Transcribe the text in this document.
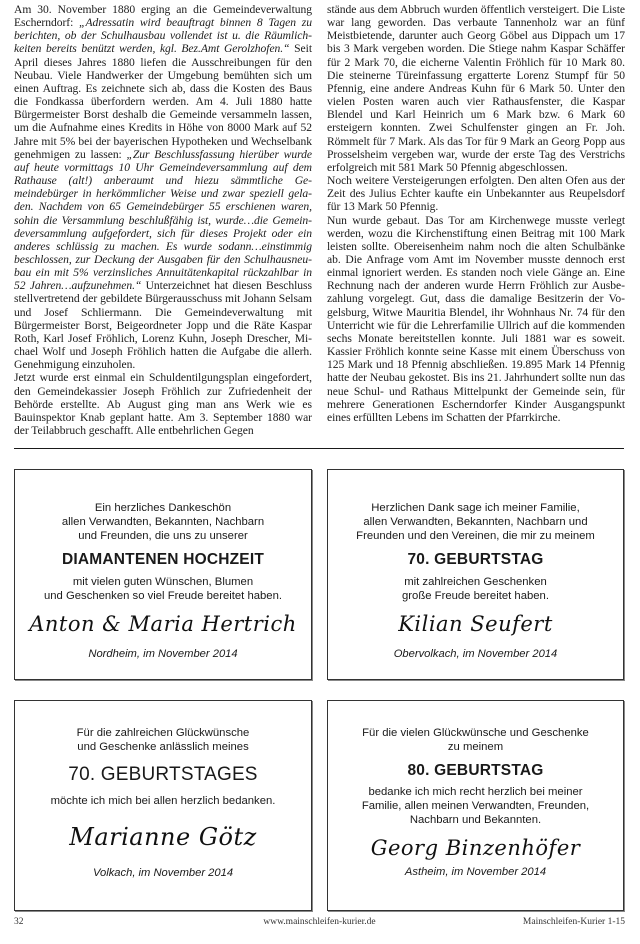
Am 30. November 1880 erging an die Gemeindeverwaltung Escherndorf: „Adressatin wird beauftragt binnen 8 Tagen zu berichten, ob der Schulhausbau vollendet ist u. die Räumlichkeiten bereits benützt werden, kgl. Bez.Amt Gerolzhofen.“ Seit April dieses Jahres 1880 liefen die Ausschreibungen für den Neubau. Viele Handwerker der Umgebung bemühten sich um einen Auftrag. Es zeichnete sich ab, dass die Kosten des Baus die Fondkassa überfordern werden. Am 4. Juli 1880 hatte Bürgermeister Borst deshalb die Gemeinde versammeln lassen, um die Aufnahme eines Kredits in Höhe von 8000 Mark auf 52 Jahre mit 5% bei der bayerischen Hypotheken und Wechselbank genehmigen zu lassen: „Zur Beschlussfassung hierüber wurde auf heute vormittags 10 Uhr Gemeindeversammlung auf dem Rathause (alt!) anberaumt und hiezu sämmtliche Gemeindebürger in herkömmlicher Weise und zwar speziell geladen. Nachdem von 65 Gemeindebürger 55 erschienen waren, sohin die Versammlung beschlußfähig ist, wurde…die Gemeindeversammlung aufgefordert, sich für dieses Projekt oder ein anderes schlüssig zu machen. Es wurde sodann…einstimmig beschlossen, zur Deckung der Ausgaben für den Schulhausneubau ein mit 5% verzinsliches Annuitätenkapital rückzahlbar in 52 Jahren…aufzunehmen.“ Unterzeichnet hat diesen Beschluss stellvertretend der gebildete Bürgerausschuss mit Johann Selsam und Josef Schliermann. Die Gemeindeverwaltung mit Bürgermeister Borst, Beigeordneter Jopp und die Räte Kaspar Roth, Karl Josef Fröhlich, Lorenz Kuhn, Joseph Drescher, Michael Wolf und Joseph Fröhlich hatten die Aufgabe die allerh. Genehmigung einzuholen.

Jetzt wurde erst einmal ein Schuldentilgungsplan eingefordert, den Gemeindekassier Joseph Fröhlich zur Zufriedenheit der Behörde erstellte. Ab August ging man ans Werk wie es Bauinspektor Knab geplant hatte. Am 3. September 1880 war der Teilabbruch geschafft. Alle entbehrlichen Gegen

stände aus dem Abbruch wurden öffentlich versteigert. Die Liste war lang geworden. Das verbaute Tannenholz war an fünf Meistbietende, darunter auch Georg Göbel aus Dippach um 17 bis 3 Mark vergeben worden. Die Stiege nahm Kaspar Schäffer für 2 Mark 70, die eicherne Valentin Fröhlich für 10 Mark 80. Die steinerne Türeinfassung ergatterte Lorenz Stumpf für 50 Pfennig, eine andere Andreas Kuhn für 6 Mark 50. Unter den vielen Posten waren auch vier Rathausfenster, die Kaspar Blendel und Karl Heinrich um 6 Mark bzw. 6 Mark 60 ersteigern konnten. Zwei Schulfenster gingen an Fr. Joh. Römmelt für 7 Mark. Als das Tor für 9 Mark an Georg Popp aus Prosselsheim vergeben war, wurde der erste Tag des Verstrichs erfolgreich mit 581 Mark 50 Pfennig abgeschlossen.

Noch weitere Versteigerungen erfolgten. Den alten Ofen aus der Zeit des Julius Echter kaufte ein Unbekannter aus Reupelsdorf für 13 Mark 50 Pfennig.

Nun wurde gebaut. Das Tor am Kirchenwege musste verlegt werden, wozu die Kirchenstiftung einen Beitrag mit 100 Mark leisten sollte. Obereisenheim nahm noch die alten Schulbänke ab. Die Anfrage vom Amt im November musste dennoch erst einmal ignoriert werden. Es standen noch viele Gänge an. Eine Rechnung nach der anderen wurde Herrn Fröhlich zur Ausbezahlung vorgelegt. Gut, dass die damalige Besitzerin der Vogelsburg, Witwe Mauritia Blendel, ihr Wohnhaus Nr. 74 für den Unterricht wie für die Lehrerfamilie Ullrich auf die kommenden sechs Monate bereitstellen konnte. Juli 1881 war es soweit. Kassier Fröhlich konnte seine Kasse mit einem Überschuss von 125 Mark und 18 Pfennig abschließen. 19.895 Mark 14 Pfennig hatte der Neubau gekostet. Bis ins 21. Jahrhundert sollte nun das neue Schul- und Rathaus Mittelpunkt der Gemeinde sein, für mehrere Generationen Escherndorfer Kinder Ausgangspunkt eines erfüllten Lebens im Schatten der Pfarrkirche.

Ein herzliches Dankeschön
allen Verwandten, Bekannten, Nachbarn
und Freunden, die uns zu unserer
DIAMANTENEN HOCHZEIT
mit vielen guten Wünschen, Blumen
und Geschenken so viel Freude bereitet haben.
Anton & Maria Hertrich
Nordheim, im November 2014
Herzlichen Dank sage ich meiner Familie,
allen Verwandten, Bekannten, Nachbarn und
Freunden und den Vereinen, die mir zu meinem
70. GEBURTSTAG
mit zahlreichen Geschenken
große Freude bereitet haben.
Kilian Seufert
Obervolkach, im November 2014
Für die zahlreichen Glückwünsche
und Geschenke anlässlich meines
70. GEBURTSTAGES
möchte ich mich bei allen herzlich bedanken.
Marianne Götz
Volkach, im November 2014
Für die vielen Glückwünsche und Geschenke
zu meinem
80. GEBURTSTAG
bedanke ich mich recht herzlich bei meiner
Familie, allen meinen Verwandten, Freunden,
Nachbarn und Bekannten.
Georg Binzenhöfer
Astheim, im November 2014
32	www.mainschleifen-kurier.de	Mainschleifen-Kurier 1-15
